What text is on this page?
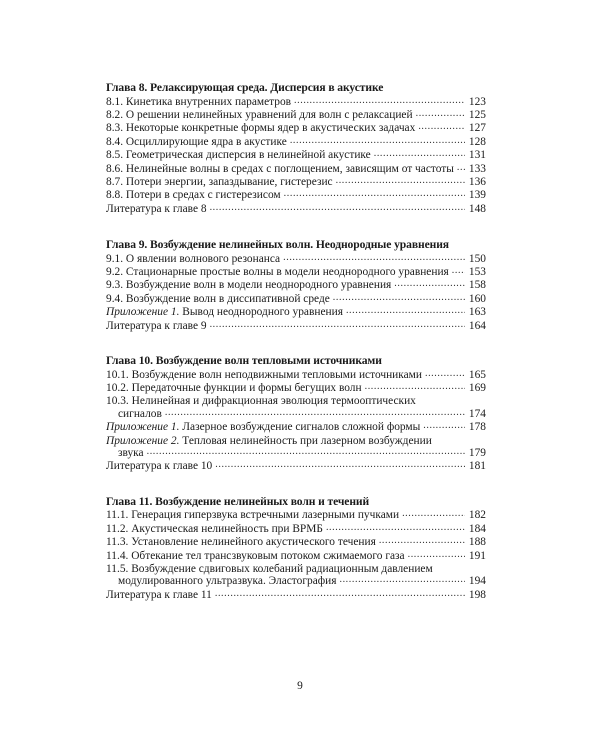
Глава 8. Релаксирующая среда. Дисперсия в акустике
8.1. Кинетика внутренних параметров .....	123
8.2. О решении нелинейных уравнений для волн с релаксацией .....	125
8.3. Некоторые конкретные формы ядер в акустических задачах .....	127
8.4. Осциллирующие ядра в акустике .....	128
8.5. Геометрическая дисперсия в нелинейной акустике .....	131
8.6. Нелинейные волны в средах с поглощением, зависящим от частоты ..... 133
8.7. Потери энергии, запаздывание, гистерезис .....	136
8.8. Потери в средах с гистерезисом .....	139
Литература к главе 8 .....	148
Глава 9. Возбуждение нелинейных волн. Неоднородные уравнения
9.1. О явлении волнового резонанса .....	150
9.2. Стационарные простые волны в модели неоднородного уравнения ..... 153
9.3. Возбуждение волн в модели неоднородного уравнения .....	158
9.4. Возбуждение волн в диссипативной среде .....	160
Приложение 1. Вывод неоднородного уравнения .....	163
Литература к главе 9 .....	164
Глава 10. Возбуждение волн тепловыми источниками
10.1. Возбуждение волн неподвижными тепловыми источниками .....	165
10.2. Передаточные функции и формы бегущих волн .....	169
10.3. Нелинейная и дифракционная эволюция термооптических
сигналов .....	174
Приложение 1. Лазерное возбуждение сигналов сложной формы .....	178
Приложение 2. Тепловая нелинейность при лазерном возбуждении
звука .....	179
Литература к главе 10 .....	181
Глава 11. Возбуждение нелинейных волн и течений
11.1. Генерация гиперзвука встречными лазерными пучками .....	182
11.2. Акустическая нелинейность при ВРМБ .....	184
11.3. Установление нелинейного акустического течения .....	188
11.4. Обтекание тел трансзвуковым потоком сжимаемого газа .....	191
11.5. Возбуждение сдвиговых колебаний радиационным давлением
модулированного ультразвука. Эластография .....	194
Литература к главе 11 .....	198
9
